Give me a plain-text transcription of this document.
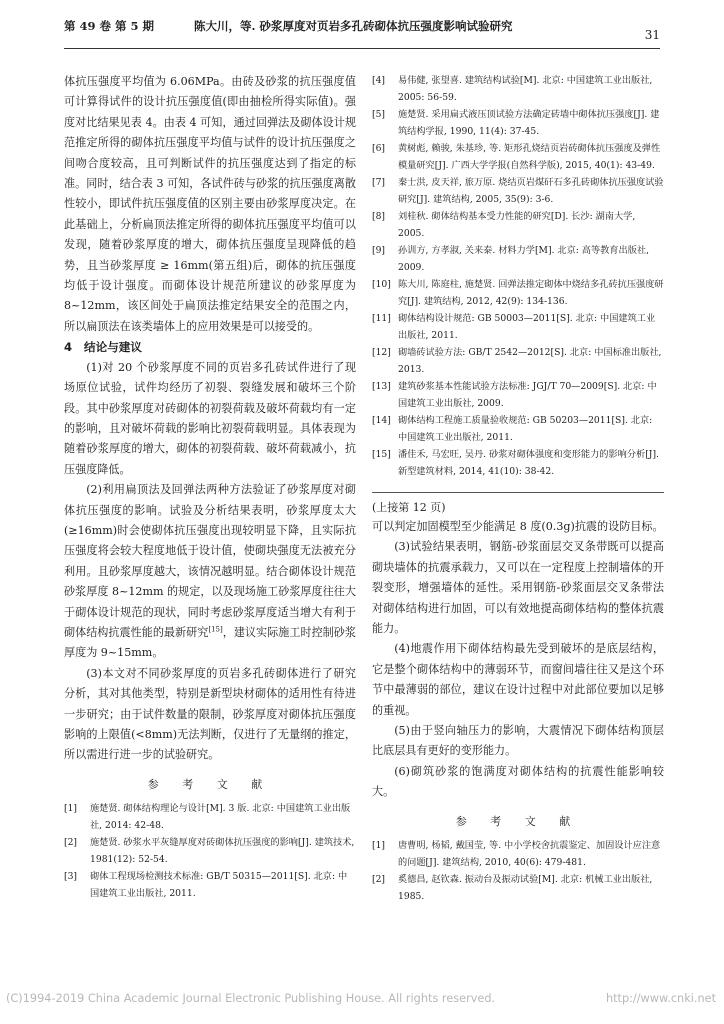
第 49 卷 第 5 期	陈大川，等. 砂浆厚度对页岩多孔砖砌体抗压强度影响试验研究
31

体抗压强度平均值为 6.06MPa。由砖及砂浆的抗压强度值可计算得试件的设计抗压强度值(即由抽检所得实际值)。强度对比结果见表 4。由表 4 可知，通过回弹法及砌体设计规范推定所得的砌体抗压强度平均值与试件的设计抗压强度之间吻合度较高，且可判断试件的抗压强度达到了指定的标准。同时，结合表 3 可知，各试件砖与砂浆的抗压强度离散性较小，即试件抗压强度值的区别主要由砂浆厚度决定。在此基础上，分析扁顶法推定所得的砌体抗压强度平均值可以发现，随着砂浆厚度的增大，砌体抗压强度呈现降低的趋势，且当砂浆厚度 ≥ 16mm(第五组)后，砌体的抗压强度均低于设计强度。而砌体设计规范所建议的砂浆厚度为 8~12mm，该区间处于扁顶法推定结果安全的范围之内，所以扁顶法在该类墙体上的应用效果是可以接受的。

4 结论与建议

(1)对 20 个砂浆厚度不同的页岩多孔砖试件进行了现场原位试验，试件均经历了初裂、裂缝发展和破坏三个阶段。其中砂浆厚度对砖砌体的初裂荷载及破坏荷载均有一定的影响，且对破坏荷载的影响比初裂荷载明显。具体表现为随着砂浆厚度的增大，砌体的初裂荷载、破坏荷载减小，抗压强度降低。

(2)利用扁顶法及回弹法两种方法验证了砂浆厚度对砌体抗压强度的影响。试验及分析结果表明，砂浆厚度太大(≥16mm)时会使砌体抗压强度出现较明显下降，且实际抗压强度将会较大程度地低于设计值，使砌块强度无法被充分利用。且砂浆厚度越大，该情况越明显。结合砌体设计规范砂浆厚度 8~12mm 的规定，以及现场施工砂浆厚度往往大于砌体设计规范的现状，同时考虑砂浆厚度适当增大有利于砌体结构抗震性能的最新研究[15]，建议实际施工时控制砂浆厚度为 9~15mm。

(3)本文对不同砂浆厚度的页岩多孔砖砌体进行了研究分析，其对其他类型，特别是新型块材砌体的适用性有待进一步研究；由于试件数量的限制，砂浆厚度对砌体抗压强度影响的上限值(<8mm)无法判断，仅进行了无量纲的推定，所以需进行进一步的试验研究。

参 考 文 献
[1]	施楚贤. 砌体结构理论与设计[M]. 3 版. 北京: 中国建筑工业出版社, 2014: 42-48.
[2]	施楚贤. 砂浆水平灰缝厚度对砖砌体抗压强度的影响[J]. 建筑技术, 1981(12): 52-54.
[3]	砌体工程现场检测技术标准: GB/T 50315—2011[S]. 北京: 中国建筑工业出版社, 2011.
[4]	易伟健, 张望喜. 建筑结构试验[M]. 北京: 中国建筑工业出版社, 2005: 56-59.
[5]	施楚贤. 采用扁式液压顶试验方法确定砖墙中砌体抗压强度[J]. 建筑结构学报, 1990, 11(4): 37-45.
[6]	黄树彪, 赖骏, 朱基珍, 等. 矩形孔烧结页岩砖砌体抗压强度及弹性模量研究[J]. 广西大学学报(自然科学版), 2015, 40(1): 43-49.
[7]	秦士洪, 皮天祥, 旅万原. 烧结页岩煤矸石多孔砖砌体抗压强度试验研究[J]. 建筑结构, 2005, 35(9): 3-6.
[8]	刘桂秋. 砌体结构基本受力性能的研究[D]. 长沙: 湖南大学, 2005.
[9]	孙训方, 方孝淑, 关来泰. 材料力学[M]. 北京: 高等教育出版社, 2009.
[10] 陈大川, 陈庭柱, 施楚贤. 回弹法推定砌体中烧结多孔砖抗压强度研究[J]. 建筑结构, 2012, 42(9): 134-136.
[11] 砌体结构设计规范: GB 50003—2011[S]. 北京: 中国建筑工业出版社, 2011.
[12] 砌墙砖试验方法: GB/T 2542—2012[S]. 北京: 中国标准出版社, 2013.
[13] 建筑砂浆基本性能试验方法标准: JGJ/T 70—2009[S]. 北京: 中国建筑工业出版社, 2009.
[14] 砌体结构工程施工质量验收规范: GB 50203—2011[S]. 北京: 中国建筑工业出版社, 2011.
[15] 潘佳禾, 马宏旺, 吴丹. 砂浆对砌体强度和变形能力的影响分析[J]. 新型建筑材料, 2014, 41(10): 38-42.

(上接第 12 页)

可以判定加固模型至少能满足 8 度(0.3g)抗震的设防目标。

(3)试验结果表明，钢筋-砂浆面层交叉条带既可以提高砌块墙体的抗震承载力，又可以在一定程度上控制墙体的开裂变形，增强墙体的延性。采用钢筋-砂浆面层交叉条带法对砌体结构进行加固，可以有效地提高砌体结构的整体抗震能力。

(4)地震作用下砌体结构最先受到破坏的是底层结构，它是整个砌体结构中的薄弱环节，而窗间墙往往又是这个环节中最薄弱的部位，建议在设计过程中对此部位要加以足够的重视。

(5)由于竖向轴压力的影响，大震情况下砌体结构顶层比底层具有更好的变形能力。

(6)砌筑砂浆的饱满度对砌体结构的抗震性能影响较大。

参 考 文 献
[1]	唐曹明, 杨韬, 戴国莹, 等. 中小学校舍抗震鉴定、加固设计应注意的问题[J]. 建筑结构, 2010, 40(6): 479-481.
[2]	奚德昌, 赵钦森. 振动台及振动试验[M]. 北京: 机械工业出版社, 1985.
(C)1994-2019 China Academic Journal Electronic Publishing House. All rights reserved.	http://www.cnki.net
